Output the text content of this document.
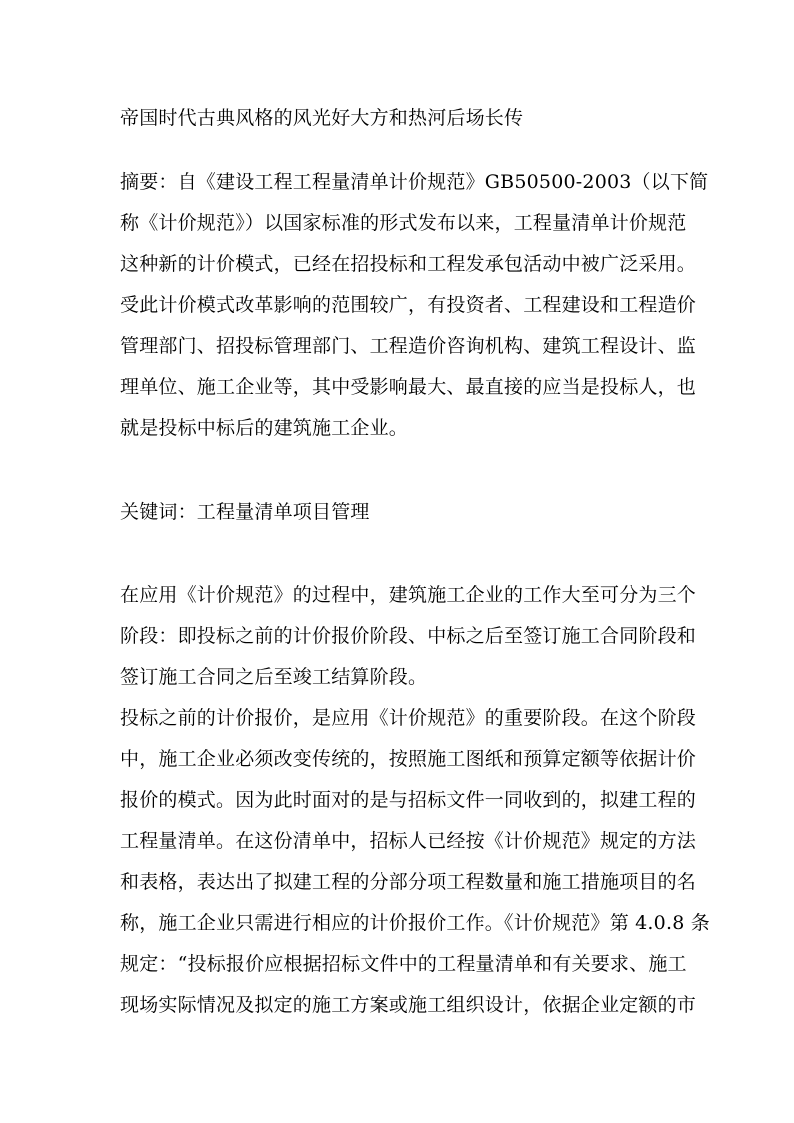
帝国时代古典风格的风光好大方和热河后场长传

摘要：自《建设工程工程量清单计价规范》GB50500-2003（以下简

称《计价规范》）以国家标准的形式发布以来，工程量清单计价规范

这种新的计价模式，已经在招投标和工程发承包活动中被广泛采用。

受此计价模式改革影响的范围较广，有投资者、工程建设和工程造价

管理部门、招投标管理部门、工程造价咨询机构、建筑工程设计、监

理单位、施工企业等，其中受影响最大、最直接的应当是投标人，也

就是投标中标后的建筑施工企业。

关键词：工程量清单项目管理

在应用《计价规范》的过程中，建筑施工企业的工作大至可分为三个

阶段：即投标之前的计价报价阶段、中标之后至签订施工合同阶段和

签订施工合同之后至竣工结算阶段。

投标之前的计价报价，是应用《计价规范》的重要阶段。在这个阶段

中，施工企业必须改变传统的，按照施工图纸和预算定额等依据计价

报价的模式。因为此时面对的是与招标文件一同收到的，拟建工程的

工程量清单。在这份清单中，招标人已经按《计价规范》规定的方法

和表格，表达出了拟建工程的分部分项工程数量和施工措施项目的名

称，施工企业只需进行相应的计价报价工作。《计价规范》第 4.0.8 条

规定：“投标报价应根据招标文件中的工程量清单和有关要求、施工

现场实际情况及拟定的施工方案或施工组织设计，依据企业定额的市
